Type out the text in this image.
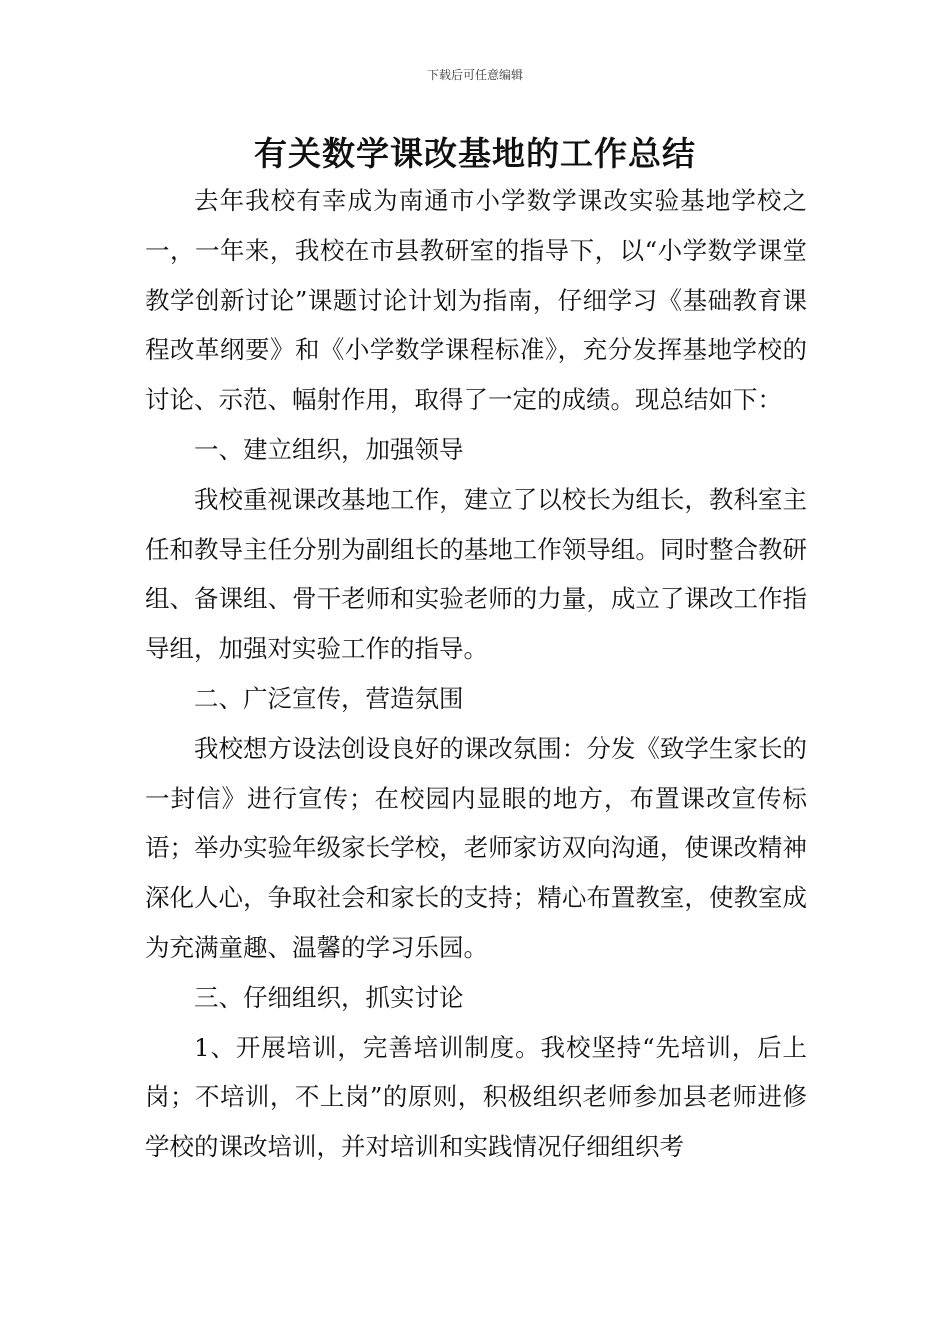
下载后可任意编辑
有关数学课改基地的工作总结

去年我校有幸成为南通市小学数学课改实验基地学校之一，一年来，我校在市县教研室的指导下，以“小学数学课堂教学创新讨论”课题讨论计划为指南，仔细学习《基础教育课程改革纲要》和《小学数学课程标准》，充分发挥基地学校的讨论、示范、幅射作用，取得了一定的成绩。现总结如下：

一、建立组织，加强领导

我校重视课改基地工作，建立了以校长为组长，教科室主任和教导主任分别为副组长的基地工作领导组。同时整合教研组、备课组、骨干老师和实验老师的力量，成立了课改工作指导组，加强对实验工作的指导。

二、广泛宣传，营造氛围

我校想方设法创设良好的课改氛围：分发《致学生家长的一封信》进行宣传；在校园内显眼的地方，布置课改宣传标语；举办实验年级家长学校，老师家访双向沟通，使课改精神深化人心，争取社会和家长的支持；精心布置教室，使教室成为充满童趣、温馨的学习乐园。

三、仔细组织，抓实讨论

1、开展培训，完善培训制度。我校坚持“先培训，后上岗；不培训，不上岗”的原则，积极组织老师参加县老师进修学校的课改培训，并对培训和实践情况仔细组织考
